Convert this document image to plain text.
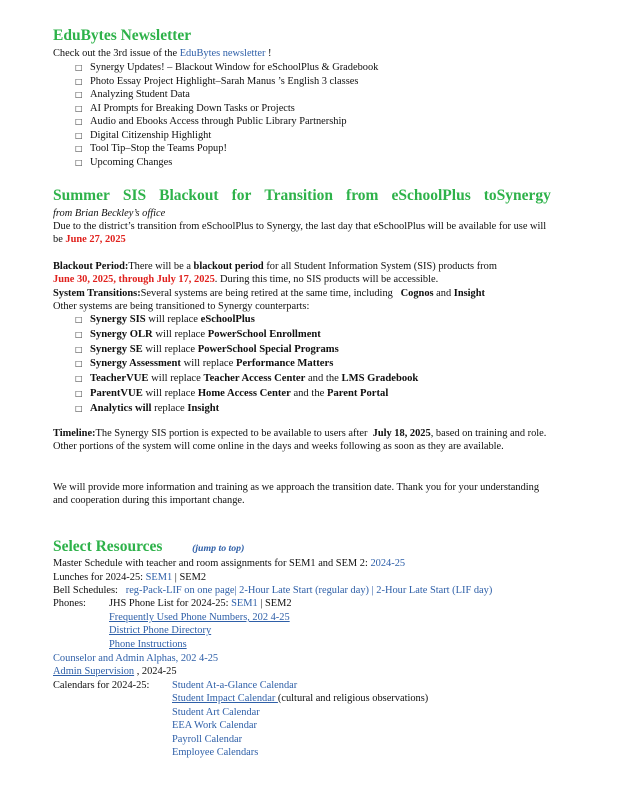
EduBytes Newsletter
Check out the 3rd issue of the EduBytes newsletter !
□ Synergy Updates! – Blackout Window for eSchoolPlus & Gradebook
□ Photo Essay Project Highlight–Sarah Manus ’s English 3 classes
□ Analyzing Student Data
□ AI Prompts for Breaking Down Tasks or Projects
□ Audio and Ebooks Access through Public Library Partnership
□ Digital Citizenship Highlight
□ Tool Tip–Stop the Teams Popup!
□ Upcoming Changes
Summer SIS Blackout for Transition from eSchoolPlus toSynergy
from Brian Beckley’s office
Due to the district’s transition from eSchoolPlus to Synergy, the last day that eSchoolPlus will be available for use will be June 27, 2025
Blackout Period:There will be a blackout period for all Student Information System (SIS) products from
June 30, 2025, through July 17, 2025. During this time, no SIS products will be accessible.
System Transitions:Several systems are being retired at the same time, including Cognos and Insight
Other systems are being transitioned to Synergy counterparts:
□ Synergy SIS will replace eSchoolPlus
□ Synergy OLR will replace PowerSchool Enrollment
□ Synergy SE will replace PowerSchool Special Programs
□ Synergy Assessment will replace Performance Matters
□ TeacherVUE will replace Teacher Access Center and the LMS Gradebook
□ ParentVUE will replace Home Access Center and the Parent Portal
□ Analytics will replace Insight
Timeline:The Synergy SIS portion is expected to be available to users after July 18, 2025, based on training and role. Other portions of the system will come online in the days and weeks following as soon as they are available.
We will provide more information and training as we approach the transition date. Thank you for your understanding and cooperation during this important change.
Select Resources	(jump to top)
Master Schedule with teacher and room assignments for SEM1 and SEM 2: 2024-25
Lunches for 2024-25: SEM1 | SEM2
Bell Schedules: reg-Pack-LIF on one page| 2-Hour Late Start (regular day) | 2-Hour Late Start (LIF day)
Phones: JHS Phone List for 2024-25: SEM1 | SEM2
Frequently Used Phone Numbers, 202 4-25
District Phone Directory
Phone Instructions
Counselor and Admin Alphas, 202 4-25
Admin Supervision , 2024-25
Calendars for 2024-25: Student At-a-Glance Calendar
Student Impact Calendar (cultural and religious observations)
Student Art Calendar
EEA Work Calendar
Payroll Calendar
Employee Calendars
